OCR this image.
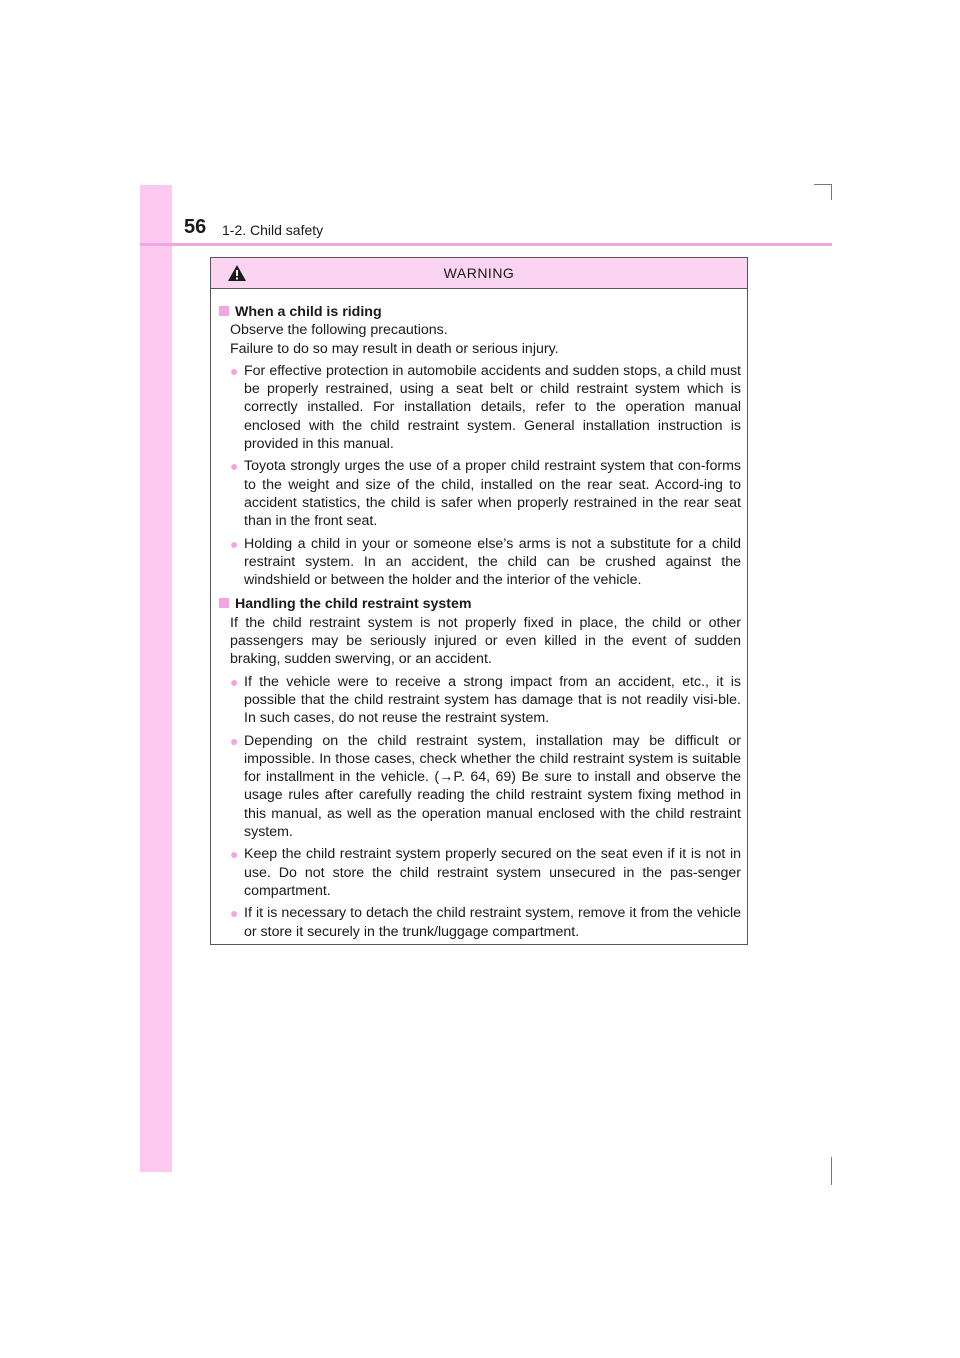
56 1-2. Child safety
WARNING
When a child is riding
Observe the following precautions.
Failure to do so may result in death or serious injury.
●
For effective protection in automobile accidents and sudden stops, a child must be properly restrained, using a seat belt or child restraint system which is correctly installed. For installation details, refer to the operation manual enclosed with the child restraint system. General installation instruction is provided in this manual.
●
Toyota strongly urges the use of a proper child restraint system that con-forms to the weight and size of the child, installed on the rear seat. Accord-ing to accident statistics, the child is safer when properly restrained in the rear seat than in the front seat.
●
Holding a child in your or someone else’s arms is not a substitute for a child restraint system. In an accident, the child can be crushed against the windshield or between the holder and the interior of the vehicle.
Handling the child restraint system
If the child restraint system is not properly fixed in place, the child or other passengers may be seriously injured or even killed in the event of sudden braking, sudden swerving, or an accident.
●
If the vehicle were to receive a strong impact from an accident, etc., it is possible that the child restraint system has damage that is not readily visi-ble. In such cases, do not reuse the restraint system.
●
Depending on the child restraint system, installation may be difficult or impossible. In those cases, check whether the child restraint system is suitable for installment in the vehicle. (→P. 64, 69) Be sure to install and observe the usage rules after carefully reading the child restraint system fixing method in this manual, as well as the operation manual enclosed with the child restraint system.
●
Keep the child restraint system properly secured on the seat even if it is not in use. Do not store the child restraint system unsecured in the pas-senger compartment.
●
If it is necessary to detach the child restraint system, remove it from the vehicle or store it securely in the trunk/luggage compartment.
